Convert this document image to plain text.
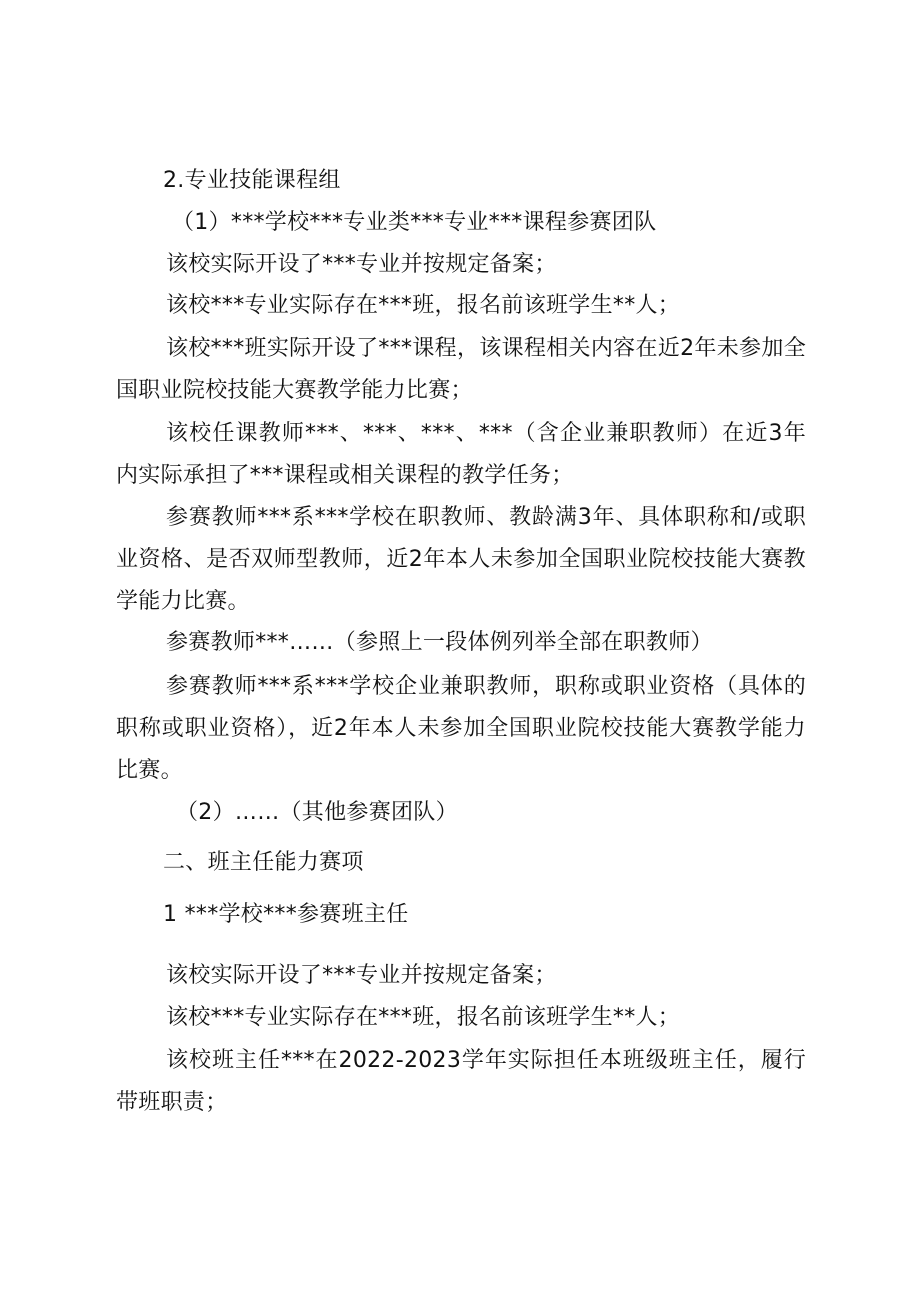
2.专业技能课程组
（1）***学校***专业类***专业***课程参赛团队
该校实际开设了***专业并按规定备案；
该校***专业实际存在***班，报名前该班学生**人；
该校***班实际开设了***课程，该课程相关内容在近2年未参加全国职业院校技能大赛教学能力比赛；
该校任课教师***、***、***、***（含企业兼职教师）在近3年内实际承担了***课程或相关课程的教学任务；
参赛教师***系***学校在职教师、教龄满3年、具体职称和/或职业资格、是否双师型教师，近2年本人未参加全国职业院校技能大赛教学能力比赛。
参赛教师***……（参照上一段体例列举全部在职教师）
参赛教师***系***学校企业兼职教师，职称或职业资格（具体的职称或职业资格），近2年本人未参加全国职业院校技能大赛教学能力比赛。
（2）……（其他参赛团队）
二、班主任能力赛项
1 ***学校***参赛班主任
该校实际开设了***专业并按规定备案；
该校***专业实际存在***班，报名前该班学生**人；
该校班主任***在2022-2023学年实际担任本班级班主任，履行带班职责；
